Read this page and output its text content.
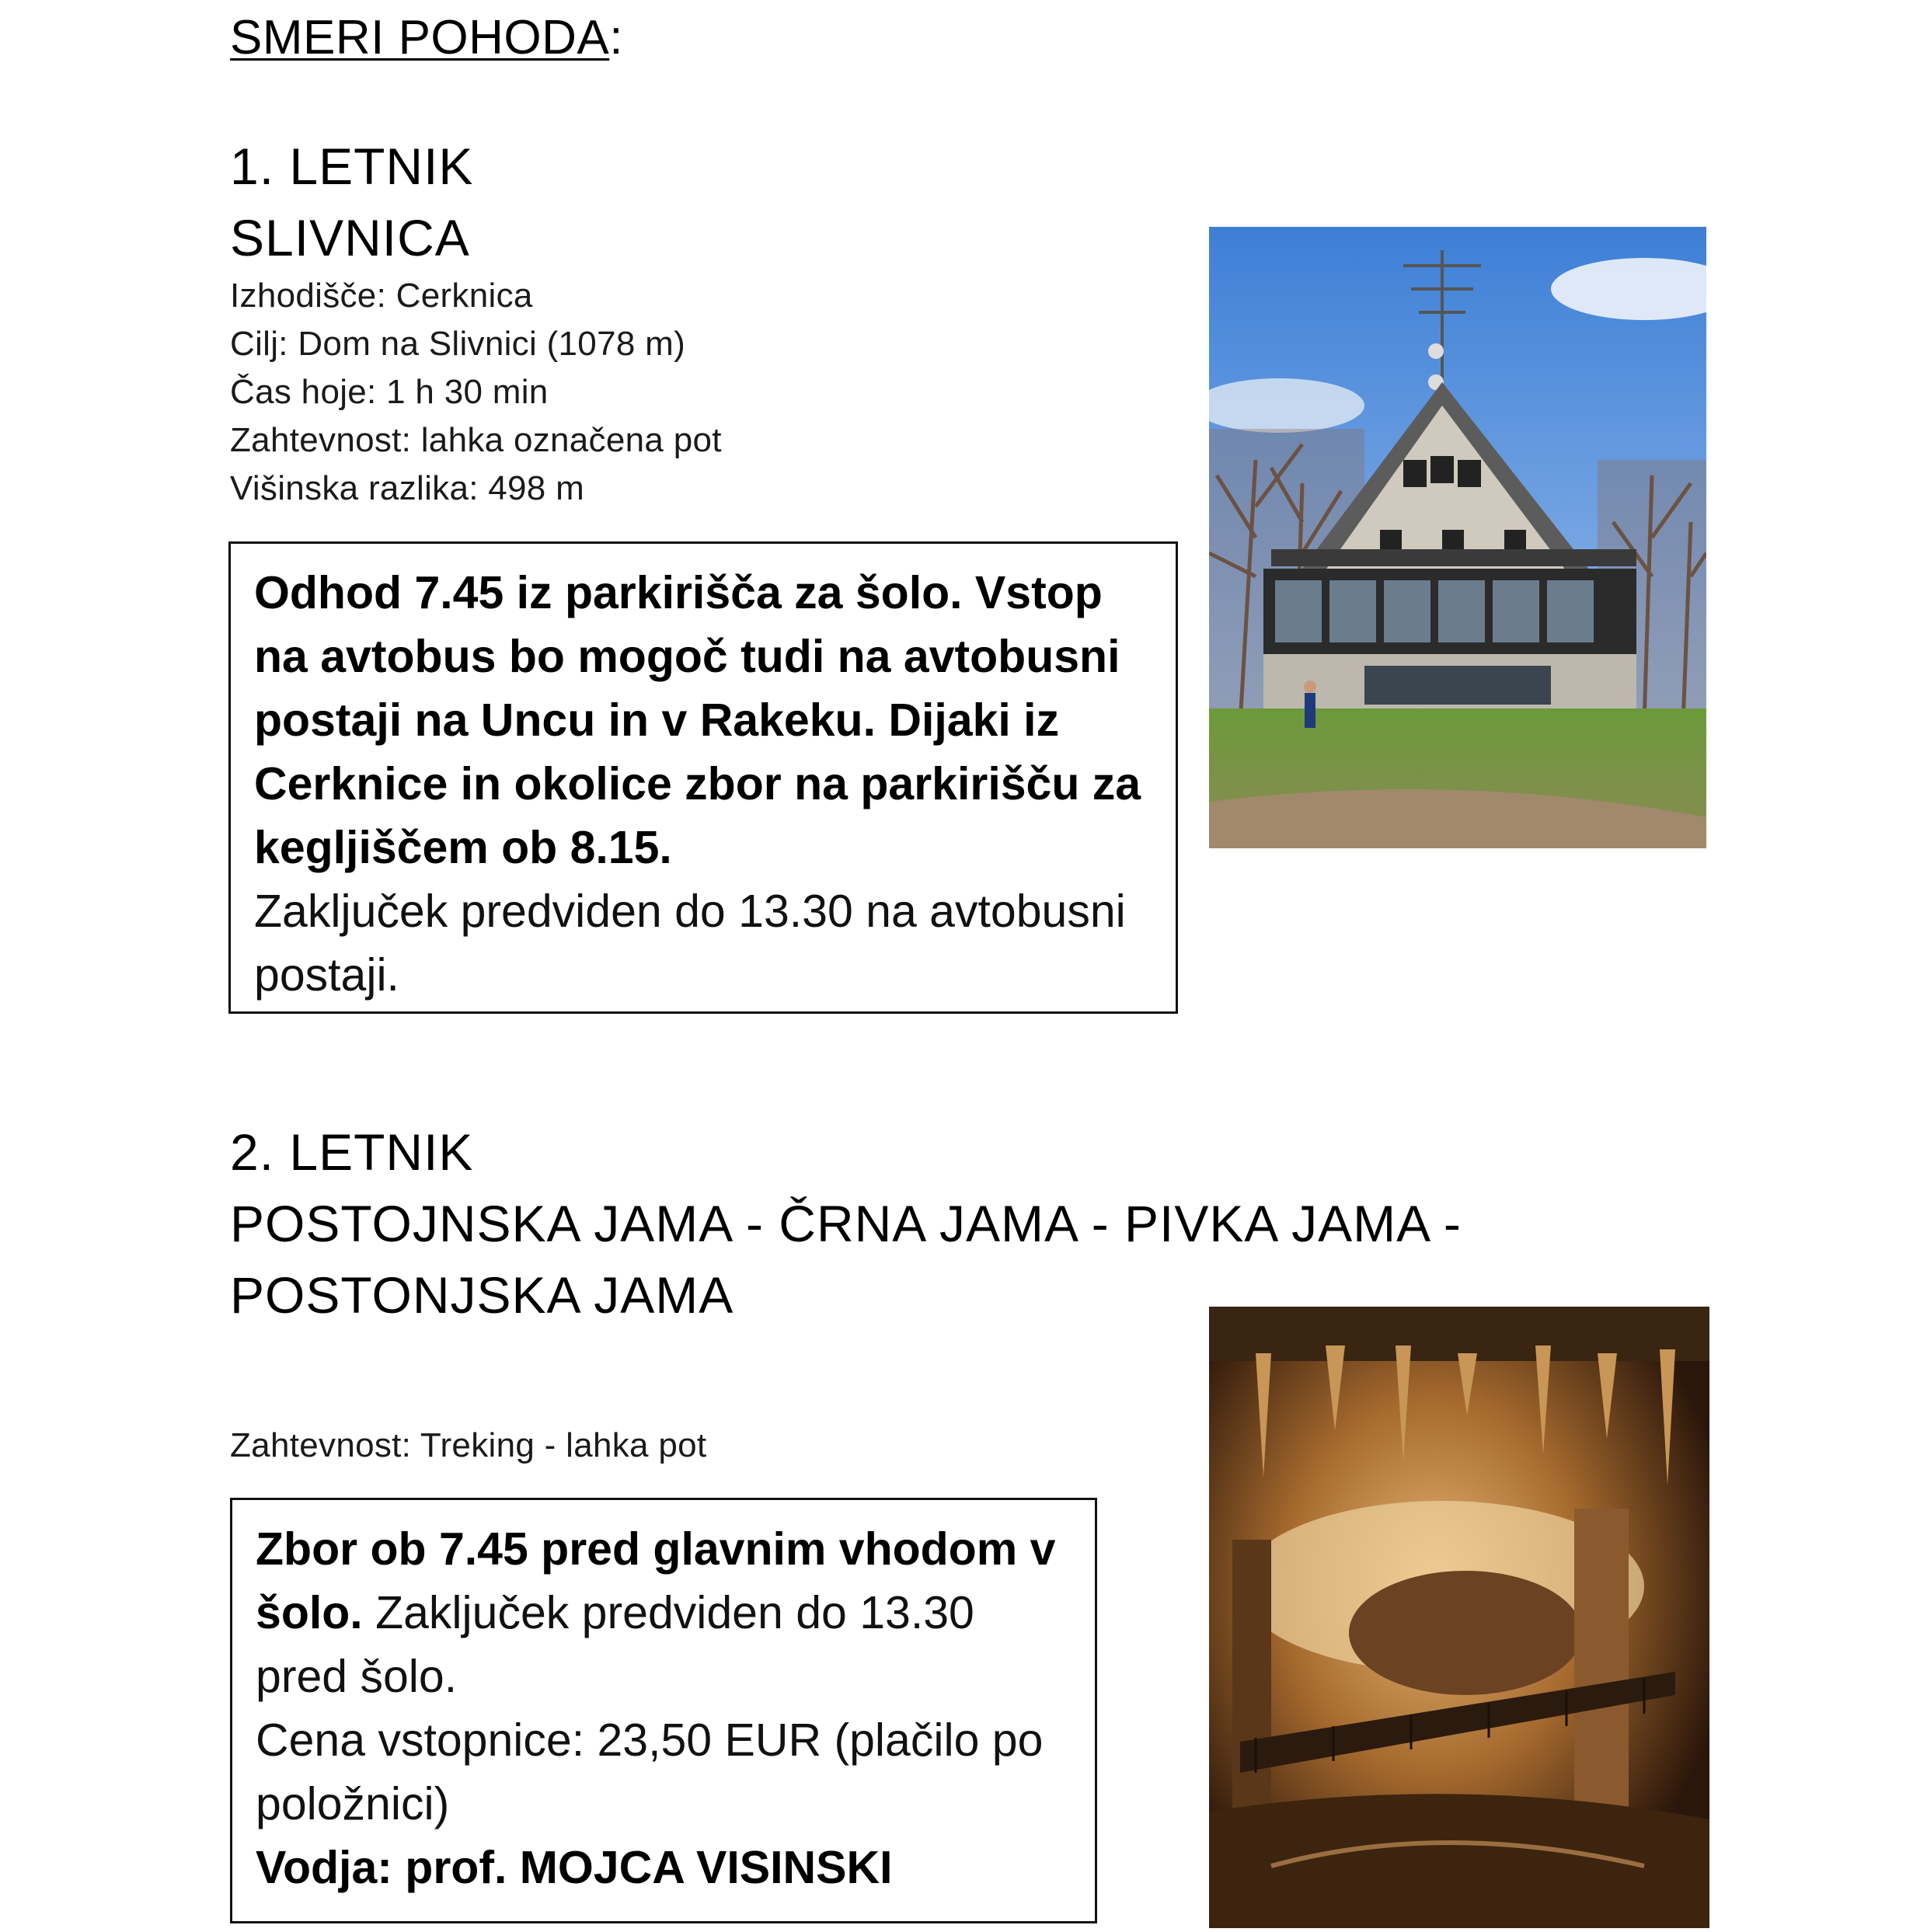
SMERI POHODA:
1. LETNIK
SLIVNICA
Izhodišče: Cerknica
Cilj: Dom na Slivnici (1078 m)
Čas hoje: 1 h 30 min
Zahtevnost: lahka označena pot
Višinska razlika: 498 m
Odhod 7.45 iz parkirišča za šolo. Vstop na avtobus bo mogoč tudi na avtobusni postaji na Uncu in v Rakeku. Dijaki iz Cerknice in okolice zbor na parkirišču za kegljiščem ob 8.15.
Zaključek predviden do 13.30 na avtobusni postaji.
2. LETNIK
POSTOJNSKA JAMA - ČRNA JAMA - PIVKA JAMA - POSTONJSKA JAMA
Zahtevnost: Treking - lahka pot
Zbor ob 7.45 pred glavnim vhodom v šolo. Zaključek predviden do 13.30 pred šolo.
Cena vstopnice: 23,50 EUR (plačilo po položnici)
Vodja: prof. MOJCA VISINSKI
